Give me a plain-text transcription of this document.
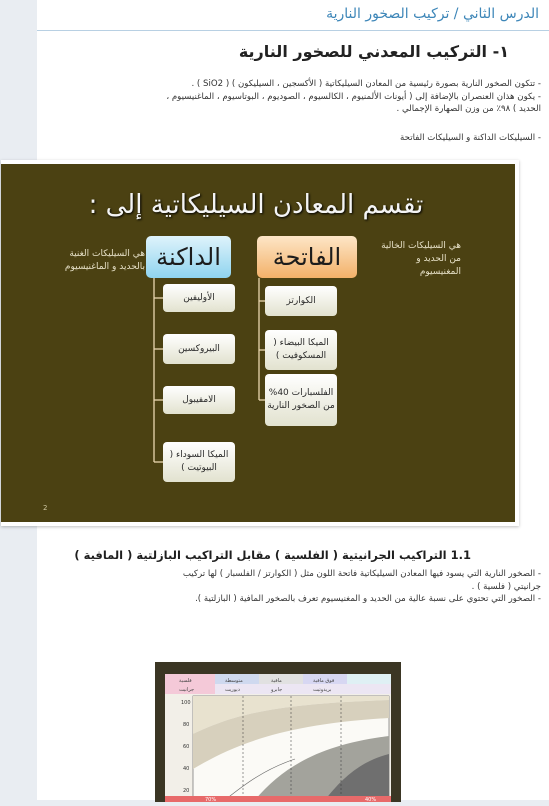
الدرس الثاني / تركيب الصخور النارية
١- التركيب المعدني للصخور النارية
- تتكون الصخور النارية بصورة رئيسية من المعادن السيليكاتية ( الأكسجين ، السيليكون ) ( SiO2 ) .
- يكون هذان العنصران بالإضافة إلى ( أيونات الألمنيوم ، الكالسيوم ، الصوديوم ، البوتاسيوم ، الماغنيسيوم ،
الحديد ) ٩٨٪ من وزن الصهارة الإجمالي .
- السيليكات الداكنة و السيليكات الفاتحة
تقسم المعادن السيليكاتية إلى :
هي السيليكات الغنية بالحديد و الماغنيسيوم
هي السيليكات الخالية من الحديد و المغنيسيوم
الداكنة	الفاتحة
الأوليفين
البيروكسين
الامفيبول
الميكا السوداء ( البيوتيت )
الكوارتز
الميكا البيضاء ( المسكوفيت )
الفلسبارات 40% من الصخور النارية
2
1.1 التراكيب الجرانيتية ( الفلسية ) مقابل التراكيب البازلتية ( المافية )
- الصخور النارية التي يسود فيها المعادن السيليكاتية فاتحة اللون مثل ( الكوارتز / الفلسبار ) لها تركيب
جرانيتي ( فلسية ) .
- الصخور التي تحتوي على نسبة عالية من الحديد و المغنيسيوم تعرف بالصخور المافية ( البازلتية ).
فلسية	متوسطة	مافية	فوق مافية
جرانيت	ديوريت	جابرو	بريدوتيت
100
80
60
40
20
70%	40%
